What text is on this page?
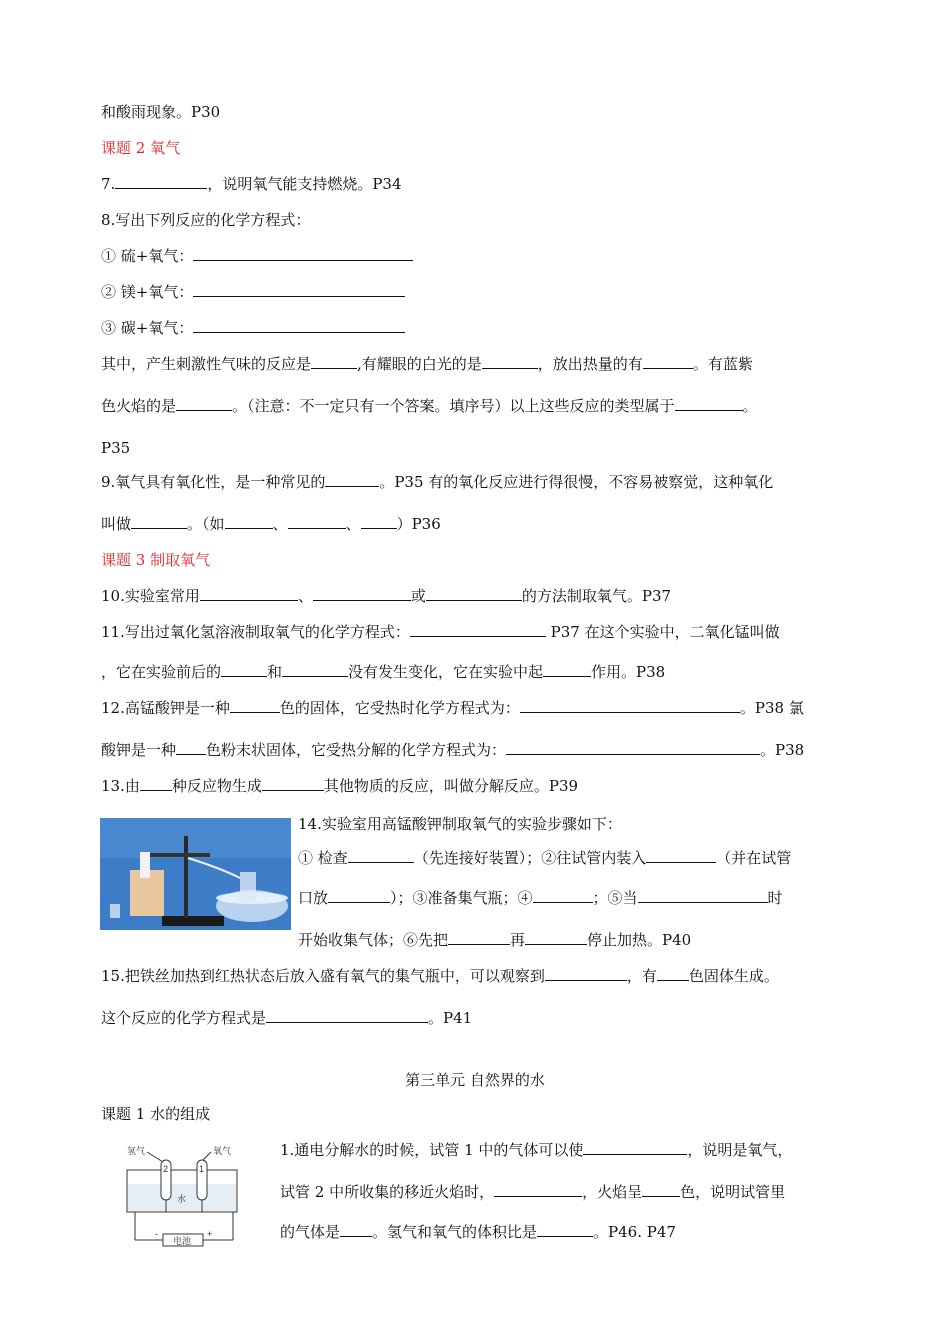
和酸雨现象。P30
课题 2 氧气
7.	，说明氧气能支持燃烧。P34
8.写出下列反应的化学方程式：
① 硫+氧气：
② 镁+氧气：
③ 碳+氧气：
其中，产生刺激性气味的反应是	,有耀眼的白光的是	，放出热量的有	。有蓝紫
色火焰的是	。（注意：不一定只有一个答案。填序号）以上这些反应的类型属于	。
P35
9.氧气具有氧化性，是一种常见的	。P35 有的氧化反应进行得很慢，不容易被察觉，这种氧化
叫做	。（如	、	、 ）P36
课题 3 制取氧气
10.实验室常用	、	或	的方法制取氧气。P37
11.写出过氧化氢溶液制取氧气的化学方程式：	P37 在这个实验中，二氧化锰叫做
，它在实验前后的	和	没有发生变化，它在实验中起	作用。P38
12.高锰酸钾是一种	色的固体，它受热时化学方程式为：	。P38 氯
酸钾是一种 色粉末状固体，它受热分解的化学方程式为：	。P38
13.由 种反应物生成	其他物质的反应，叫做分解反应。P39
14.实验室用高锰酸钾制取氧气的实验步骤如下：
① 检查	（先连接好装置）；②往试管内装入	（并在试管
口放	）；③准备集气瓶；④	；⑤当	时
开始收集气体；⑥先把	再	停止加热。P40
15.把铁丝加热到红热状态后放入盛有氧气的集气瓶中，可以观察到	，有 色固体生成。
这个反应的化学方程式是	。P41
第三单元 自然界的水
课题 1 水的组成
氢气	氧气
2	1
水
电池
-	+
1.通电分解水的时候，试管 1 中的气体可以使	，说明是氧气，
试管 2 中所收集的移近火焰时，	，火焰呈	色，说明试管里
的气体是 。氢气和氧气的体积比是	。P46. P47
